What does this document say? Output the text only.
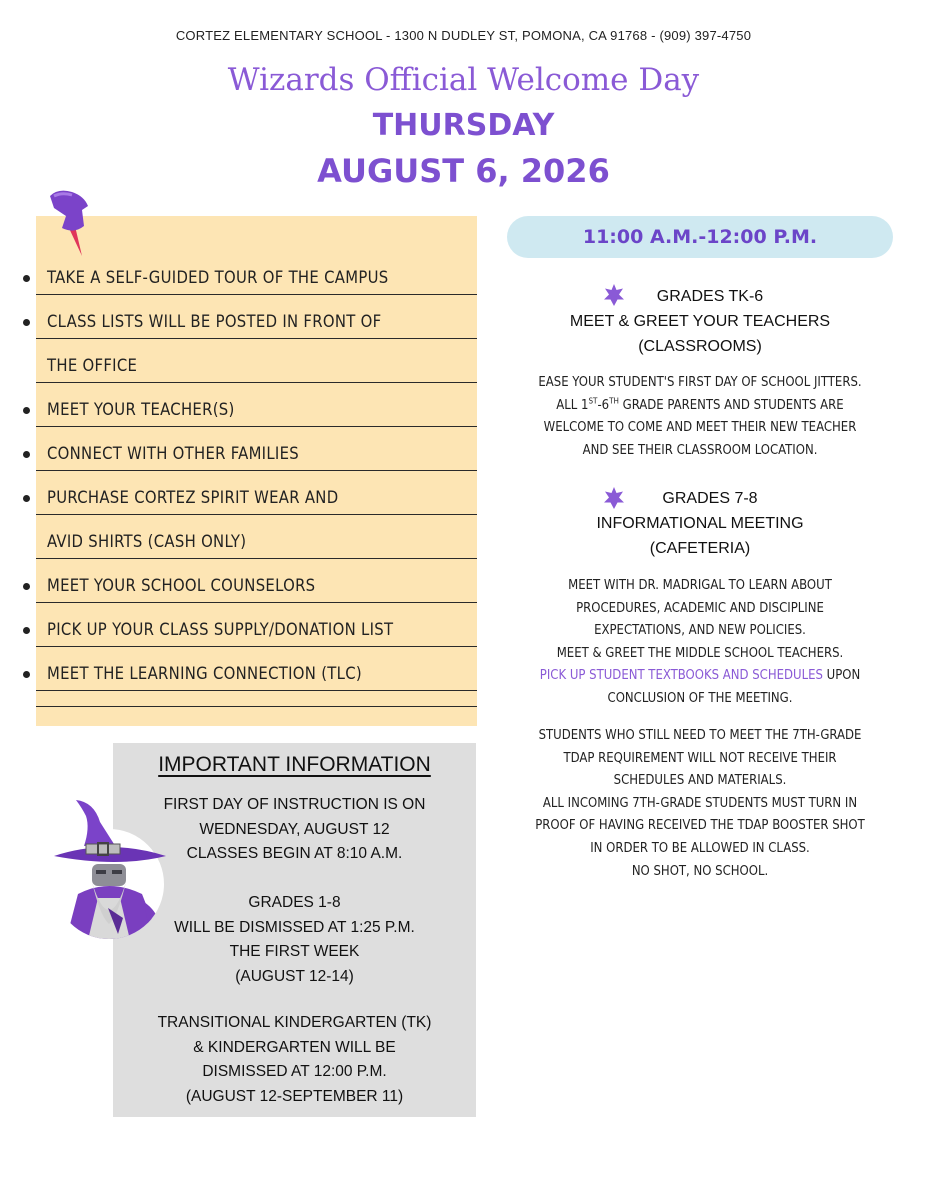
CORTEZ ELEMENTARY SCHOOL - 1300 N DUDLEY ST, POMONA, CA 91768 - (909) 397-4750
Wizards Official Welcome Day
THURSDAY
AUGUST 6, 2026
TAKE A SELF-GUIDED TOUR OF THE CAMPUS
CLASS LISTS WILL BE POSTED IN FRONT OF
THE OFFICE
MEET YOUR TEACHER(S)
CONNECT WITH OTHER FAMILIES
PURCHASE CORTEZ SPIRIT WEAR AND
AVID SHIRTS (CASH ONLY)
MEET YOUR SCHOOL COUNSELORS
PICK UP YOUR CLASS SUPPLY/DONATION LIST
MEET THE LEARNING CONNECTION (TLC)
IMPORTANT INFORMATION
FIRST DAY OF INSTRUCTION IS ON
WEDNESDAY, AUGUST 12
CLASSES BEGIN AT 8:10 A.M.
GRADES 1-8
WILL BE DISMISSED AT 1:25 P.M.
THE FIRST WEEK
(AUGUST 12-14)
TRANSITIONAL KINDERGARTEN (TK)
& KINDERGARTEN WILL BE
DISMISSED AT 12:00 P.M.
(AUGUST 12-SEPTEMBER 11)
11:00 A.M.-12:00 P.M.
GRADES TK-6
MEET & GREET YOUR TEACHERS
(CLASSROOMS)
EASE YOUR STUDENT'S FIRST DAY OF SCHOOL JITTERS.
ALL 1ST-6TH GRADE PARENTS AND STUDENTS ARE
WELCOME TO COME AND MEET THEIR NEW TEACHER
AND SEE THEIR CLASSROOM LOCATION.
GRADES 7-8
INFORMATIONAL MEETING
(CAFETERIA)
MEET WITH DR. MADRIGAL TO LEARN ABOUT
PROCEDURES, ACADEMIC AND DISCIPLINE
EXPECTATIONS, AND NEW POLICIES.
MEET & GREET THE MIDDLE SCHOOL TEACHERS.
PICK UP STUDENT TEXTBOOKS AND SCHEDULES UPON
CONCLUSION OF THE MEETING.
STUDENTS WHO STILL NEED TO MEET THE 7TH-GRADE
TDAP REQUIREMENT WILL NOT RECEIVE THEIR
SCHEDULES AND MATERIALS.
ALL INCOMING 7TH-GRADE STUDENTS MUST TURN IN
PROOF OF HAVING RECEIVED THE TDAP BOOSTER SHOT
IN ORDER TO BE ALLOWED IN CLASS.
NO SHOT, NO SCHOOL.
